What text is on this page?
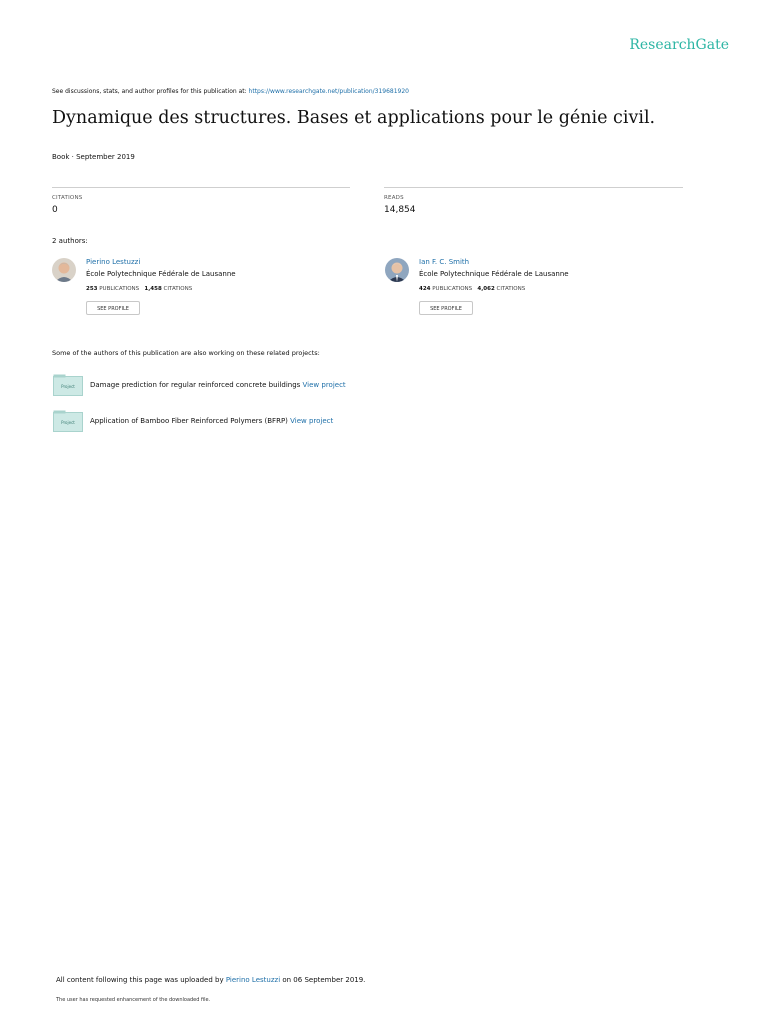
ResearchGate
See discussions, stats, and author profiles for this publication at: https://www.researchgate.net/publication/319681920
Dynamique des structures. Bases et applications pour le génie civil.
Book · September 2019
CITATIONS
0
READS
14,854
2 authors:
Pierino Lestuzzi
École Polytechnique Fédérale de Lausanne
253 PUBLICATIONS 1,458 CITATIONS
SEE PROFILE
Ian F. C. Smith
École Polytechnique Fédérale de Lausanne
424 PUBLICATIONS 4,062 CITATIONS
SEE PROFILE
Some of the authors of this publication are also working on these related projects:
Project Damage prediction for regular reinforced concrete buildings View project
Project Application of Bamboo Fiber Reinforced Polymers (BFRP) View project
All content following this page was uploaded by Pierino Lestuzzi on 06 September 2019.
The user has requested enhancement of the downloaded file.
